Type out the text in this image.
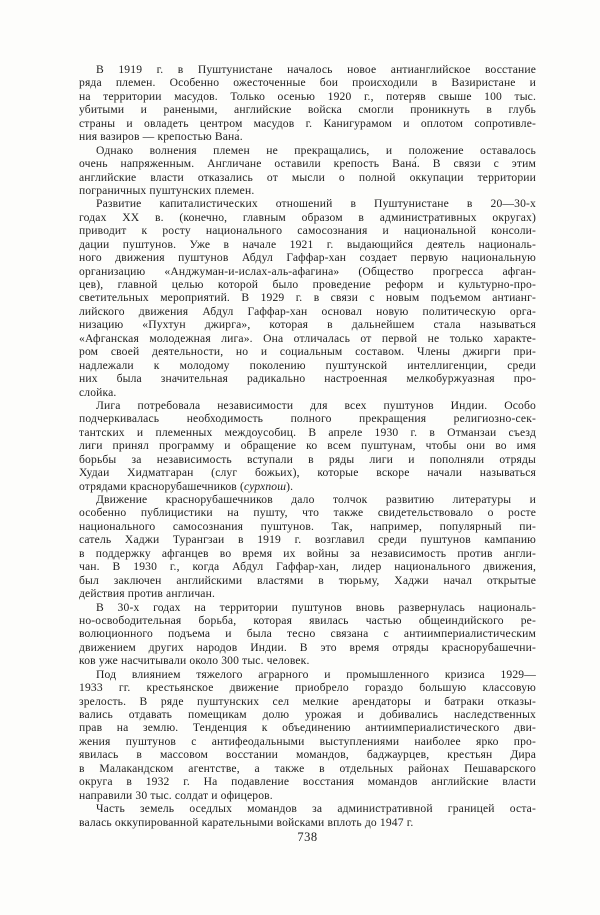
В 1919 г. в Пуштунистане началось новое антианглийское восстание
ряда племен. Особенно ожесточенные бои происходили в Вазиристане и
на территории масудов. Только осенью 1920 г., потеряв свыше 100 тыс.
убитыми и ранеными, английские войска смогли проникнуть в глубь
страны и овладеть центром масудов г. Канигурамом и оплотом сопротивле-
ния вазиров — крепостью Вана́.
Однако волнения племен не прекращались, и положение оставалось
очень напряженным. Англичане оставили крепость Вана́. В связи с этим
английские власти отказались от мысли о полной оккупации территории
пограничных пуштунских племен.
Развитие капиталистических отношений в Пуштунистане в 20—30-х
годах XX в. (конечно, главным образом в административных округах)
приводит к росту национального самосознания и национальной консоли-
дации пуштунов. Уже в начале 1921 г. выдающийся деятель националь-
ного движения пуштунов Абдул Гаффар-хан создает первую национальную
организацию «Анджуман-и-ислах-аль-афагина» (Общество прогресса афган-
цев), главной целью которой было проведение реформ и культурно-про-
светительных мероприятий. В 1929 г. в связи с новым подъемом антианг-
лийского движения Абдул Гаффар-хан основал новую политическую орга-
низацию «Пухтун джирга», которая в дальнейшем стала называться
«Афганская молодежная лига». Она отличалась от первой не только характе-
ром своей деятельности, но и социальным составом. Члены джирги при-
надлежали к молодому поколению пуштунской интеллигенции, среди
них была значительная радикально настроенная мелкобуржуазная про-
слойка.
Лига потребовала независимости для всех пуштунов Индии. Особо
подчеркивалась необходимость полного прекращения религиозно-сек-
тантских и племенных междоусобиц. В апреле 1930 г. в Отманзаи съезд
лиги принял программу и обращение ко всем пуштунам, чтобы они во имя
борьбы за независимость вступали в ряды лиги и пополняли отряды
Худаи Хидматгаран (слуг божьих), которые вскоре начали называться
отрядами краснорубашечников (сурхпош).
Движение краснорубашечников дало толчок развитию литературы и
особенно публицистики на пушту, что также свидетельствовало о росте
национального самосознания пуштунов. Так, например, популярный пи-
сатель Хаджи Турангзаи в 1919 г. возглавил среди пуштунов кампанию
в поддержку афганцев во время их войны за независимость против англи-
чан. В 1930 г., когда Абдул Гаффар-хан, лидер национального движения,
был заключен английскими властями в тюрьму, Хаджи начал открытые
действия против англичан.
В 30-х годах на территории пуштунов вновь развернулась националь-
но-освободительная борьба, которая явилась частью общеиндийского ре-
волюционного подъема и была тесно связана с антиимпериалистическим
движением других народов Индии. В это время отряды краснорубашечни-
ков уже насчитывали около 300 тыс. человек.
Под влиянием тяжелого аграрного и промышленного кризиса 1929—
1933 гг. крестьянское движение приобрело гораздо большую классовую
зрелость. В ряде пуштунских сел мелкие арендаторы и батраки отказы-
вались отдавать помещикам долю урожая и добивались наследственных
прав на землю. Тенденция к объединению антиимпериалистического дви-
жения пуштунов с антифеодальными выступлениями наиболее ярко про-
явилась в массовом восстании момандов, баджаурцев, крестьян Дира
в Малакандском агентстве, а также в отдельных районах Пешаварского
округа в 1932 г. На подавление восстания момандов английские власти
направили 30 тыс. солдат и офицеров.
Часть земель оседлых момандов за административной границей оста-
валась оккупированной карательными войсками вплоть до 1947 г.
738
